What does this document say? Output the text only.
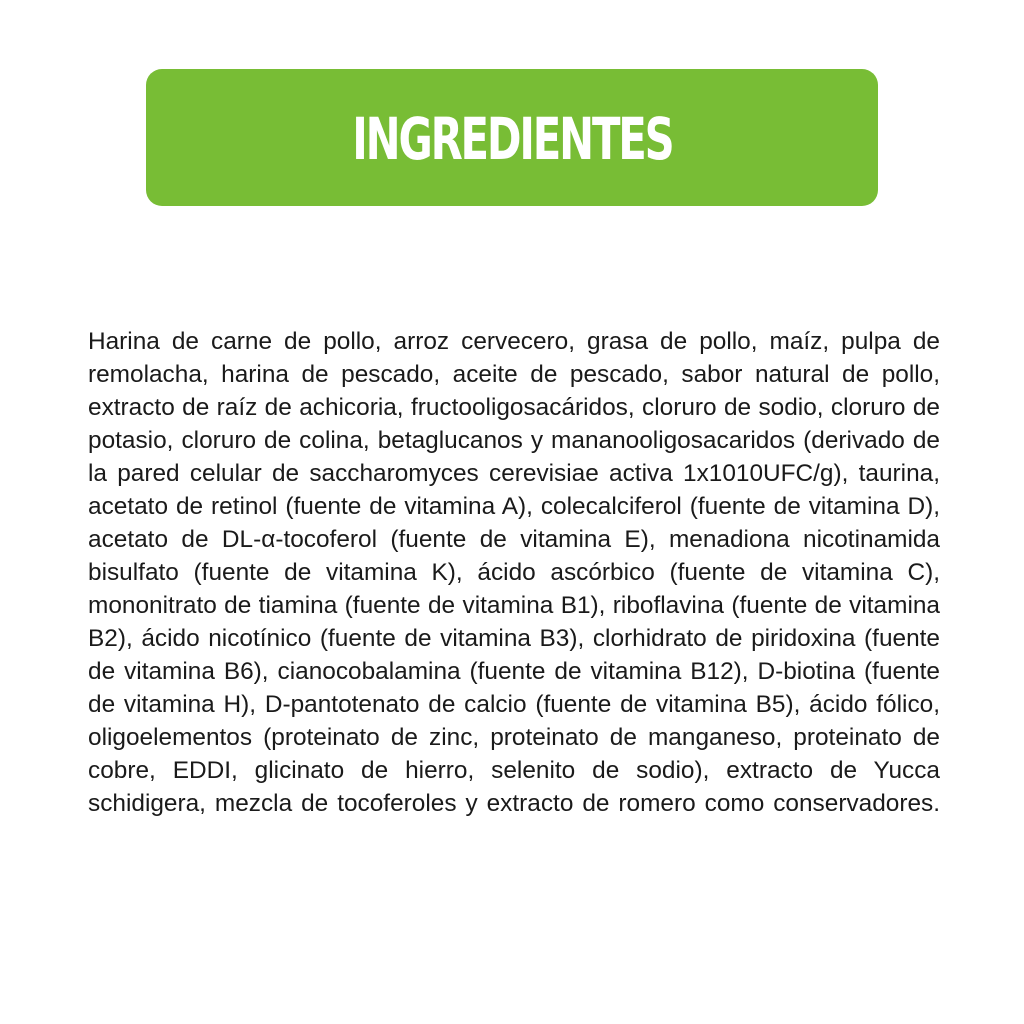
INGREDIENTES

Harina de carne de pollo, arroz cervecero, grasa de pollo, maíz, pulpa de remolacha, harina de pescado, aceite de pescado, sabor natural de pollo, extracto de raíz de achicoria, fructooligosacáridos, cloruro de sodio, cloruro de potasio, cloruro de colina, betaglucanos y mananooligosacaridos (derivado de la pared celular de saccharomyces cerevisiae activa 1x1010UFC/g), taurina, acetato de retinol (fuente de vitamina A), colecalciferol (fuente de vitamina D), acetato de DL-α-tocoferol (fuente de vitamina E), menadiona nicotinamida bisulfato (fuente de vitamina K), ácido ascórbico (fuente de vitamina C), mononitrato de tiamina (fuente de vitamina B1), riboflavina (fuente de vitamina B2), ácido nicotínico (fuente de vitamina B3), clorhidrato de piridoxina (fuente de vitamina B6), cianocobalamina (fuente de vitamina B12), D-biotina (fuente de vitamina H), D-pantotenato de calcio (fuente de vitamina B5), ácido fólico, oligoelementos (proteinato de zinc, proteinato de manganeso, proteinato de cobre, EDDI, glicinato de hierro, selenito de sodio), extracto de Yucca schidigera, mezcla de tocoferoles y extracto de romero como conservadores.
